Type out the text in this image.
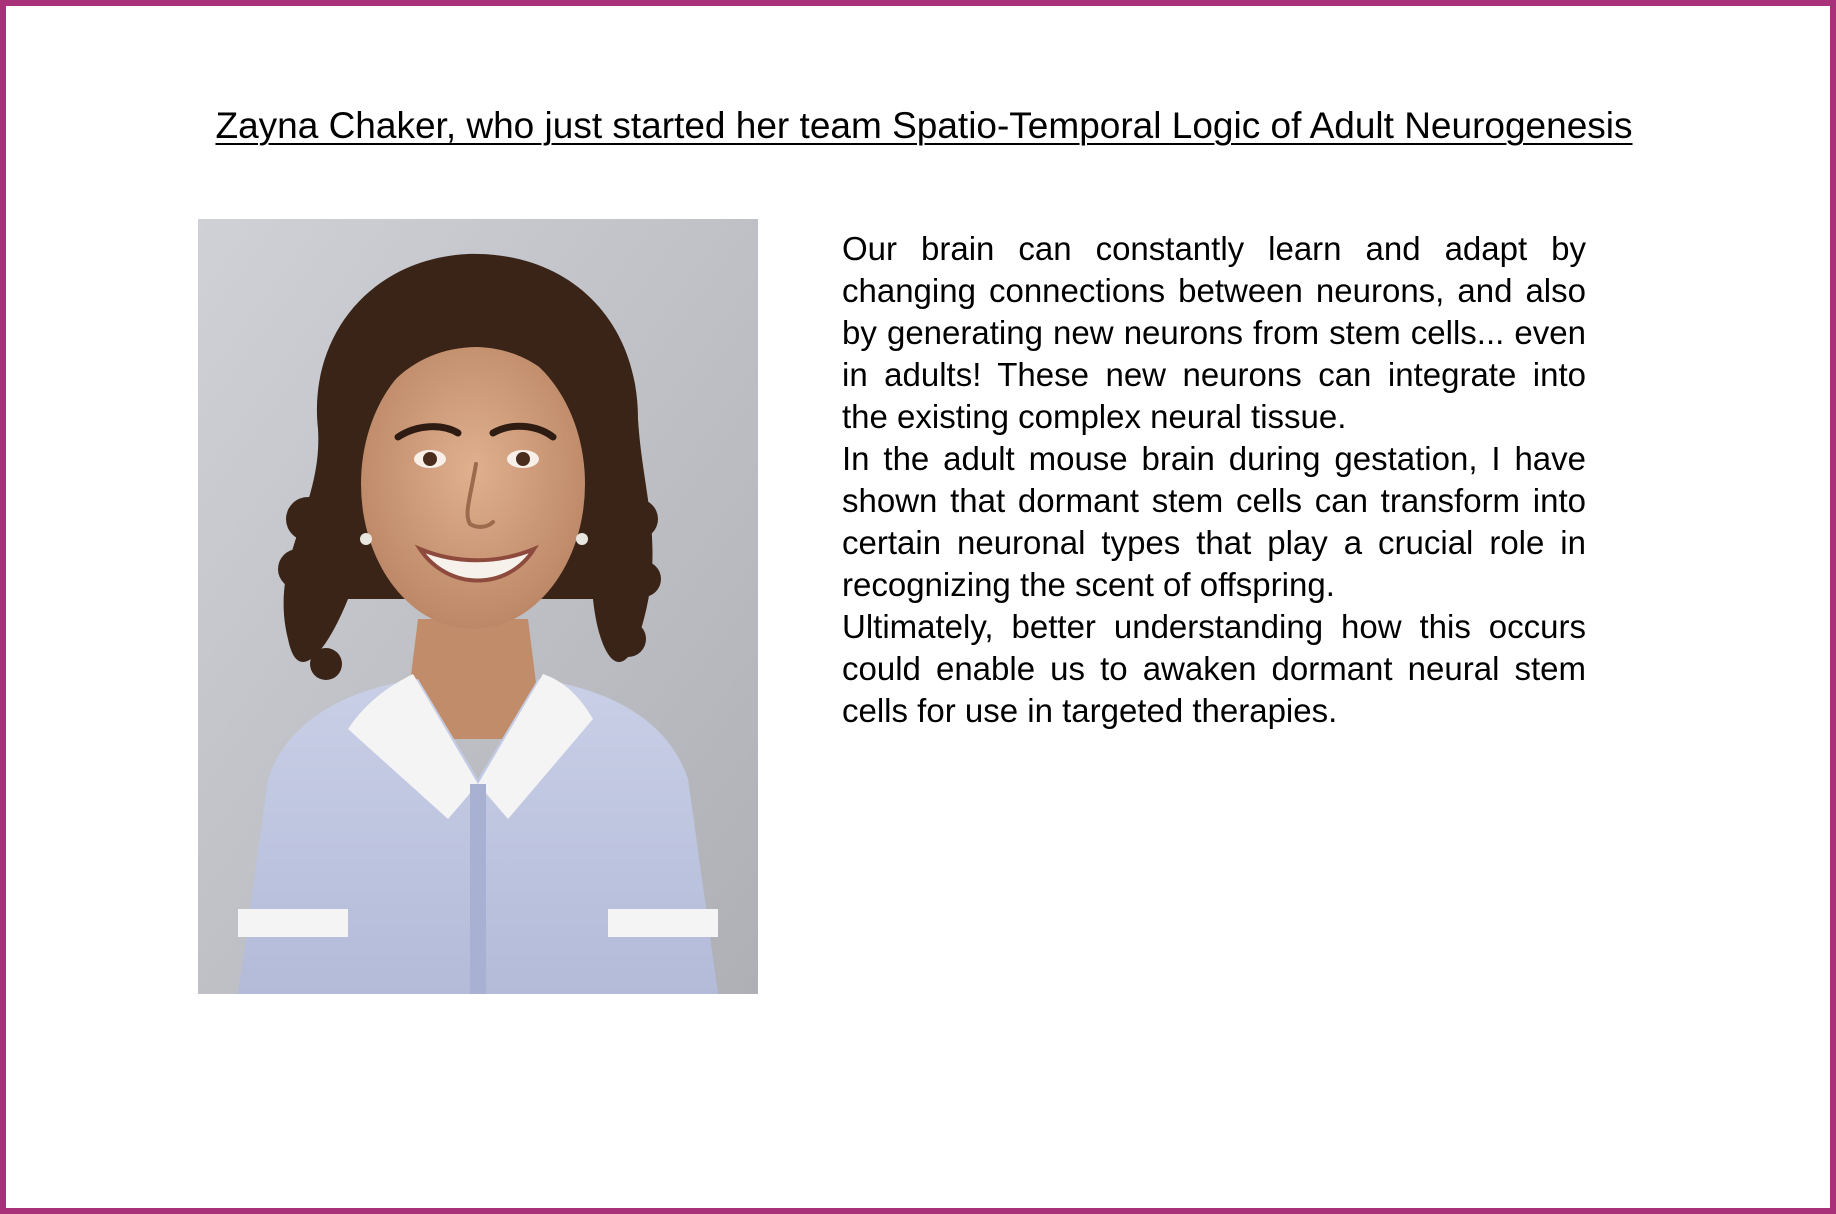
Zayna Chaker, who just started her team Spatio-Temporal Logic of Adult Neurogenesis

Our brain can constantly learn and adapt by changing connections between neurons, and also by generating new neurons from stem cells... even in adults! These new neurons can integrate into the existing complex neural tissue.

In the adult mouse brain during gestation, I have shown that dormant stem cells can transform into certain neuronal types that play a crucial role in recognizing the scent of offspring.

Ultimately, better understanding how this occurs could enable us to awaken dormant neural stem cells for use in targeted therapies.
